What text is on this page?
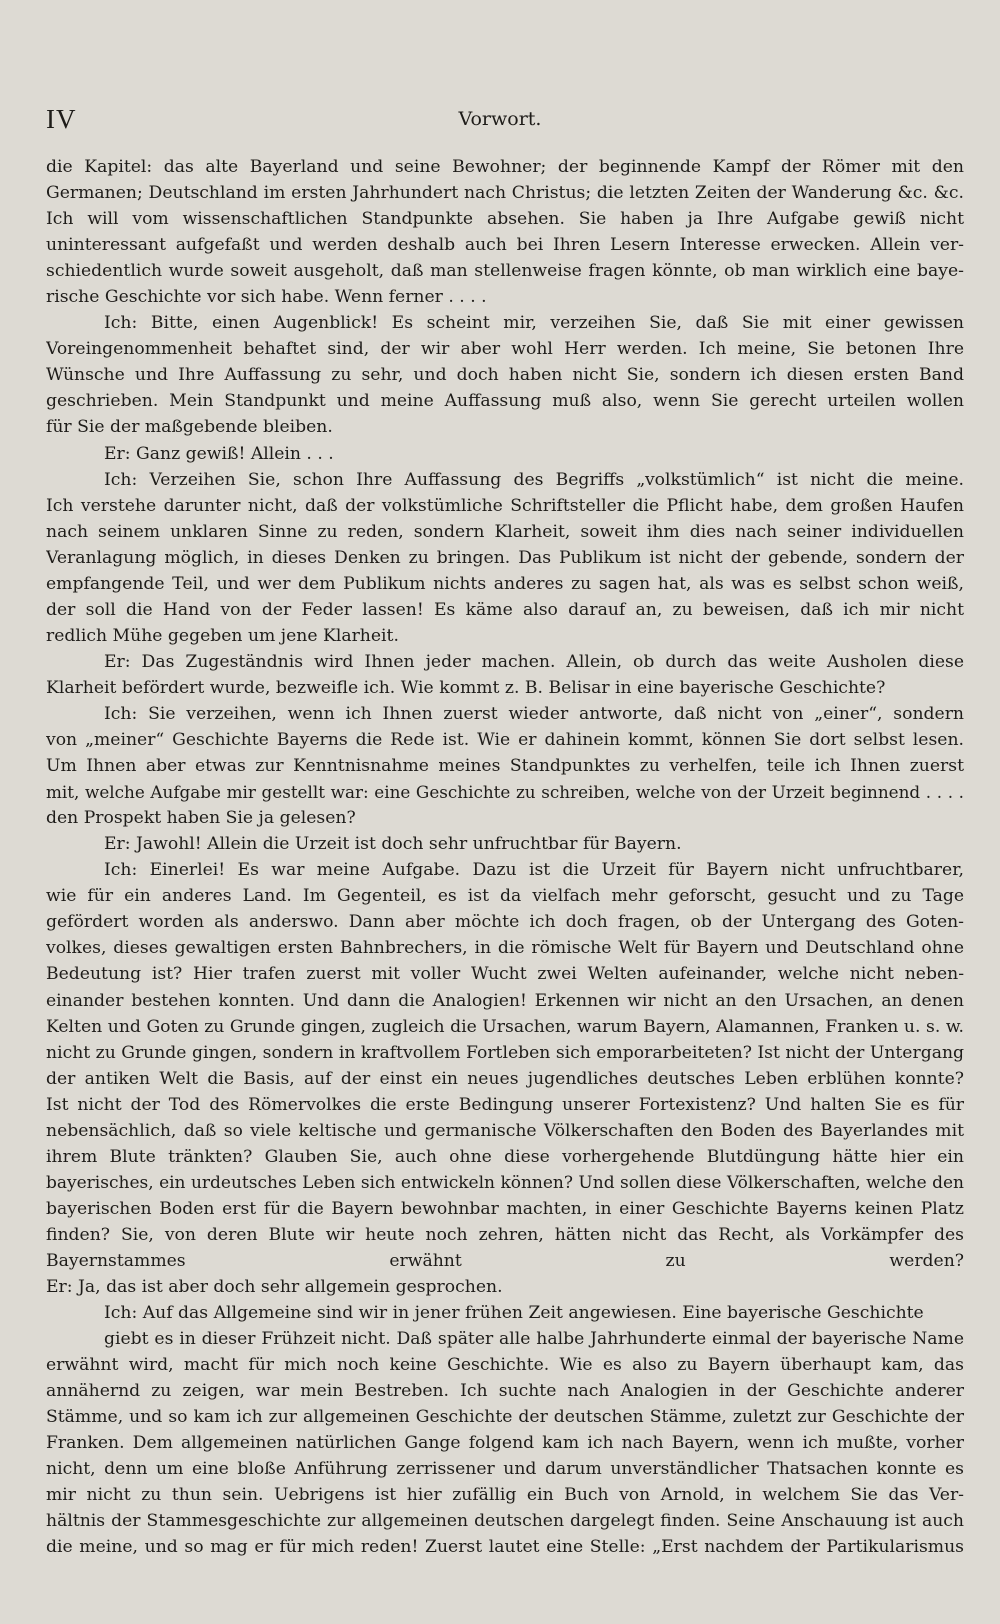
IV	Vorwort.
die Kapitel: das alte Bayerland und seine Bewohner; der beginnende Kampf der Römer mit den
Germanen; Deutschland im ersten Jahrhundert nach Christus; die letzten Zeiten der Wanderung &c. &c.
Ich will vom wissenschaftlichen Standpunkte absehen. Sie haben ja Ihre Aufgabe gewiß nicht
uninteressant aufgefaßt und werden deshalb auch bei Ihren Lesern Interesse erwecken. Allein ver-
schiedentlich wurde soweit ausgeholt, daß man stellenweise fragen könnte, ob man wirklich eine baye-
rische Geschichte vor sich habe. Wenn ferner . . . .
Ich: Bitte, einen Augenblick! Es scheint mir, verzeihen Sie, daß Sie mit einer gewissen
Voreingenommenheit behaftet sind, der wir aber wohl Herr werden. Ich meine, Sie betonen Ihre
Wünsche und Ihre Auffassung zu sehr, und doch haben nicht Sie, sondern ich diesen ersten Band
geschrieben. Mein Standpunkt und meine Auffassung muß also, wenn Sie gerecht urteilen wollen
für Sie der maßgebende bleiben.
Er: Ganz gewiß! Allein . . .
Ich: Verzeihen Sie, schon Ihre Auffassung des Begriffs „volkstümlich“ ist nicht die meine.
Ich verstehe darunter nicht, daß der volkstümliche Schriftsteller die Pflicht habe, dem großen Haufen
nach seinem unklaren Sinne zu reden, sondern Klarheit, soweit ihm dies nach seiner individuellen
Veranlagung möglich, in dieses Denken zu bringen. Das Publikum ist nicht der gebende, sondern der
empfangende Teil, und wer dem Publikum nichts anderes zu sagen hat, als was es selbst schon weiß,
der soll die Hand von der Feder lassen! Es käme also darauf an, zu beweisen, daß ich mir nicht
redlich Mühe gegeben um jene Klarheit.
Er: Das Zugeständnis wird Ihnen jeder machen. Allein, ob durch das weite Ausholen diese
Klarheit befördert wurde, bezweifle ich. Wie kommt z. B. Belisar in eine bayerische Geschichte?
Ich: Sie verzeihen, wenn ich Ihnen zuerst wieder antworte, daß nicht von „einer“, sondern
von „meiner“ Geschichte Bayerns die Rede ist. Wie er dahinein kommt, können Sie dort selbst lesen.
Um Ihnen aber etwas zur Kenntnisnahme meines Standpunktes zu verhelfen, teile ich Ihnen zuerst
mit, welche Aufgabe mir gestellt war: eine Geschichte zu schreiben, welche von der Urzeit beginnend . . . .
den Prospekt haben Sie ja gelesen?
Er: Jawohl! Allein die Urzeit ist doch sehr unfruchtbar für Bayern.
Ich: Einerlei! Es war meine Aufgabe. Dazu ist die Urzeit für Bayern nicht unfruchtbarer,
wie für ein anderes Land. Im Gegenteil, es ist da vielfach mehr geforscht, gesucht und zu Tage
gefördert worden als anderswo. Dann aber möchte ich doch fragen, ob der Untergang des Goten-
volkes, dieses gewaltigen ersten Bahnbrechers, in die römische Welt für Bayern und Deutschland ohne
Bedeutung ist? Hier trafen zuerst mit voller Wucht zwei Welten aufeinander, welche nicht neben-
einander bestehen konnten. Und dann die Analogien! Erkennen wir nicht an den Ursachen, an denen
Kelten und Goten zu Grunde gingen, zugleich die Ursachen, warum Bayern, Alamannen, Franken u. s. w.
nicht zu Grunde gingen, sondern in kraftvollem Fortleben sich emporarbeiteten? Ist nicht der Untergang
der antiken Welt die Basis, auf der einst ein neues jugendliches deutsches Leben erblühen konnte?
Ist nicht der Tod des Römervolkes die erste Bedingung unserer Fortexistenz? Und halten Sie es für
nebensächlich, daß so viele keltische und germanische Völkerschaften den Boden des Bayerlandes mit
ihrem Blute tränkten? Glauben Sie, auch ohne diese vorhergehende Blutdüngung hätte hier ein
bayerisches, ein urdeutsches Leben sich entwickeln können? Und sollen diese Völkerschaften, welche den
bayerischen Boden erst für die Bayern bewohnbar machten, in einer Geschichte Bayerns keinen Platz
finden? Sie, von deren Blute wir heute noch zehren, hätten nicht das Recht, als Vorkämpfer des
Bayernstammes erwähnt zu werden?
Er: Ja, das ist aber doch sehr allgemein gesprochen.
Ich: Auf das Allgemeine sind wir in jener frühen Zeit angewiesen. Eine bayerische Geschichte
giebt es in dieser Frühzeit nicht. Daß später alle halbe Jahrhunderte einmal der bayerische Name
erwähnt wird, macht für mich noch keine Geschichte. Wie es also zu Bayern überhaupt kam, das
annähernd zu zeigen, war mein Bestreben. Ich suchte nach Analogien in der Geschichte anderer
Stämme, und so kam ich zur allgemeinen Geschichte der deutschen Stämme, zuletzt zur Geschichte der
Franken. Dem allgemeinen natürlichen Gange folgend kam ich nach Bayern, wenn ich mußte, vorher
nicht, denn um eine bloße Anführung zerrissener und darum unverständlicher Thatsachen konnte es
mir nicht zu thun sein. Uebrigens ist hier zufällig ein Buch von Arnold, in welchem Sie das Ver-
hältnis der Stammesgeschichte zur allgemeinen deutschen dargelegt finden. Seine Anschauung ist auch
die meine, und so mag er für mich reden! Zuerst lautet eine Stelle: „Erst nachdem der Partikularismus
